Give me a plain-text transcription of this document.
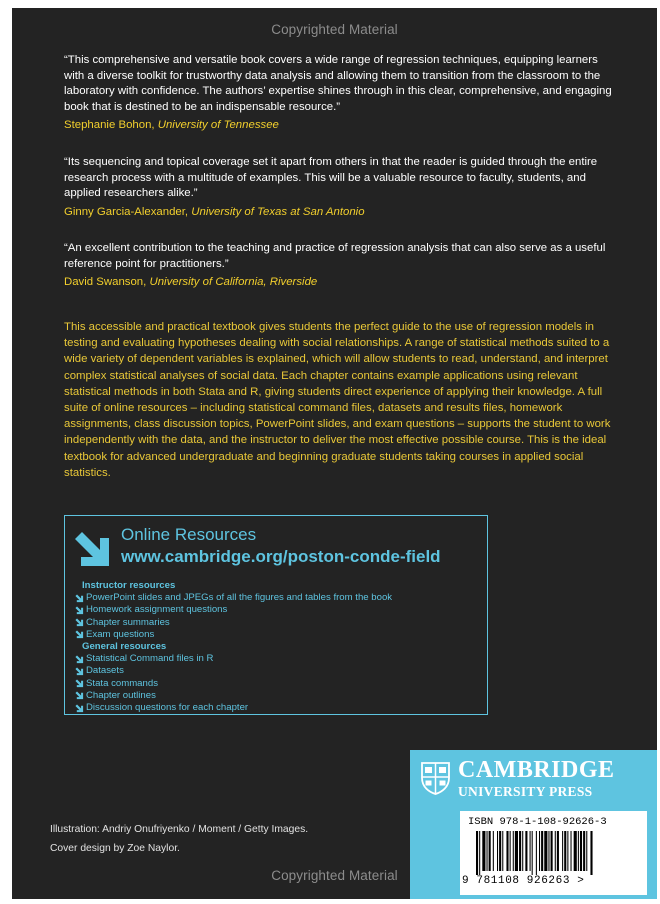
Copyrighted Material
“This comprehensive and versatile book covers a wide range of regression techniques, equipping learners with a diverse toolkit for trustworthy data analysis and allowing them to transition from the classroom to the laboratory with confidence. The authors’ expertise shines through in this clear, comprehensive, and engaging book that is destined to be an indispensable resource.”
Stephanie Bohon, University of Tennessee
“Its sequencing and topical coverage set it apart from others in that the reader is guided through the entire research process with a multitude of examples. This will be a valuable resource to faculty, students, and applied researchers alike.”
Ginny Garcia-Alexander, University of Texas at San Antonio
“An excellent contribution to the teaching and practice of regression analysis that can also serve as a useful reference point for practitioners.”
David Swanson, University of California, Riverside
This accessible and practical textbook gives students the perfect guide to the use of regression models in testing and evaluating hypotheses dealing with social relationships. A range of statistical methods suited to a wide variety of dependent variables is explained, which will allow students to read, understand, and interpret complex statistical analyses of social data. Each chapter contains example applications using relevant statistical methods in both Stata and R, giving students direct experience of applying their knowledge. A full suite of online resources – including statistical command files, datasets and results files, homework assignments, class discussion topics, PowerPoint slides, and exam questions – supports the student to work independently with the data, and the instructor to deliver the most effective possible course. This is the ideal textbook for advanced undergraduate and beginning graduate students taking courses in applied social statistics.
Online Resources
www.cambridge.org/poston-conde-field
Instructor resources
PowerPoint slides and JPEGs of all the figures and tables from the book
Homework assignment questions
Chapter summaries
Exam questions
General resources
Statistical Command files in R
Datasets
Stata commands
Chapter outlines
Discussion questions for each chapter
Illustration: Andriy Onufriyenko / Moment / Getty Images.
Cover design by Zoe Naylor.
CAMBRIDGE
UNIVERSITY PRESS
ISBN 978-1-108-92626-3
9 781108 926263 >
Copyrighted Material
